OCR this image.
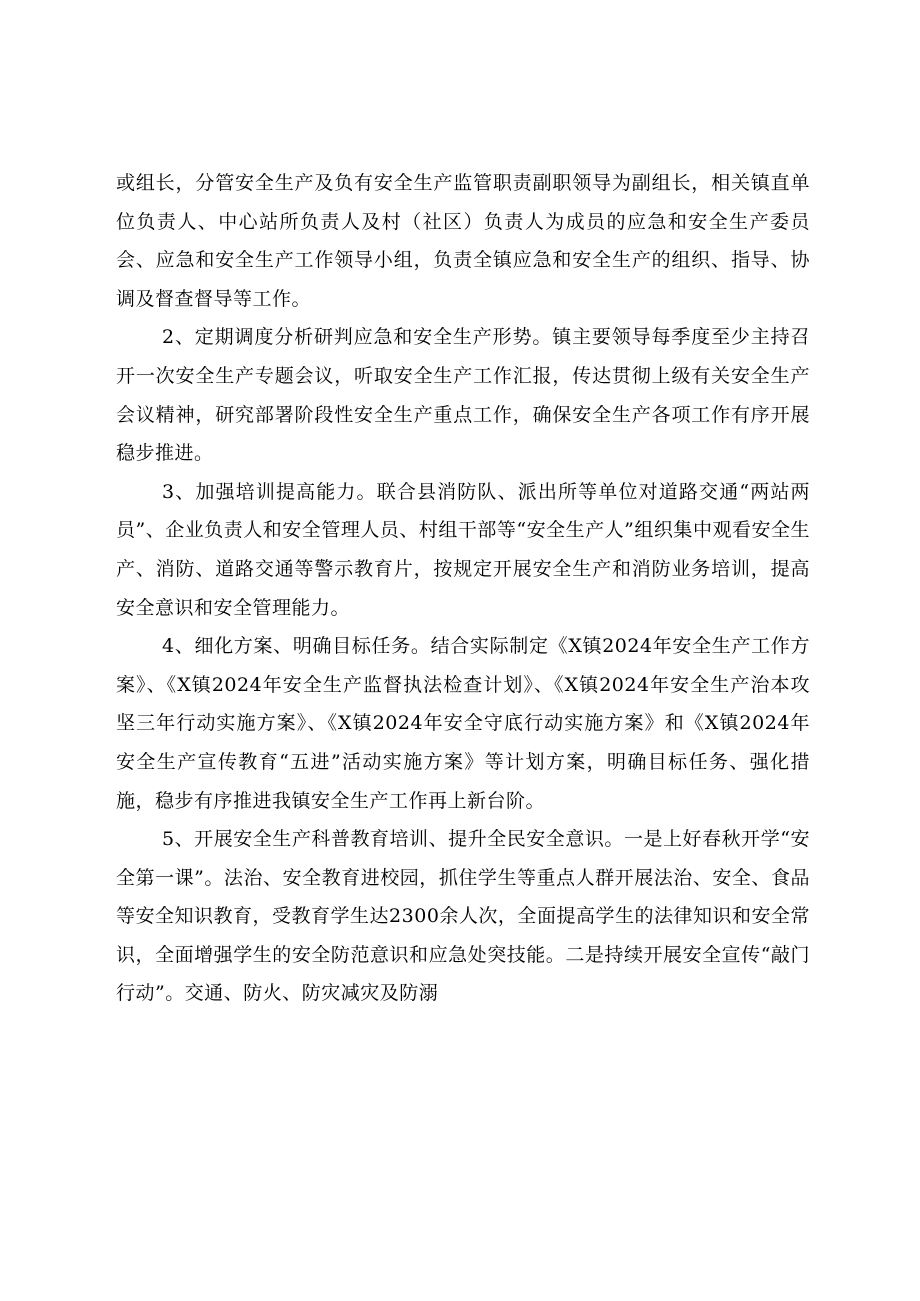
或组长，分管安全生产及负有安全生产监管职责副职领导为副组长，相关镇直单位负责人、中心站所负责人及村（社区）负责人为成员的应急和安全生产委员会、应急和安全生产工作领导小组，负责全镇应急和安全生产的组织、指导、协调及督查督导等工作。

2、定期调度分析研判应急和安全生产形势。镇主要领导每季度至少主持召开一次安全生产专题会议，听取安全生产工作汇报，传达贯彻上级有关安全生产会议精神，研究部署阶段性安全生产重点工作，确保安全生产各项工作有序开展稳步推进。

3、加强培训提高能力。联合县消防队、派出所等单位对道路交通“两站两员”、企业负责人和安全管理人员、村组干部等“安全生产人”组织集中观看安全生产、消防、道路交通等警示教育片，按规定开展安全生产和消防业务培训，提高安全意识和安全管理能力。

4、细化方案、明确目标任务。结合实际制定《X镇2024年安全生产工作方案》、《X镇2024年安全生产监督执法检查计划》、《X镇2024年安全生产治本攻坚三年行动实施方案》、《X镇2024年安全守底行动实施方案》和《X镇2024年安全生产宣传教育“五进”活动实施方案》等计划方案，明确目标任务、强化措施，稳步有序推进我镇安全生产工作再上新台阶。

5、开展安全生产科普教育培训、提升全民安全意识。一是上好春秋开学“安全第一课”。法治、安全教育进校园，抓住学生等重点人群开展法治、安全、食品等安全知识教育，受教育学生达2300余人次，全面提高学生的法律知识和安全常识，全面增强学生的安全防范意识和应急处突技能。二是持续开展安全宣传“敲门行动”。交通、防火、防灾减灾及防溺
